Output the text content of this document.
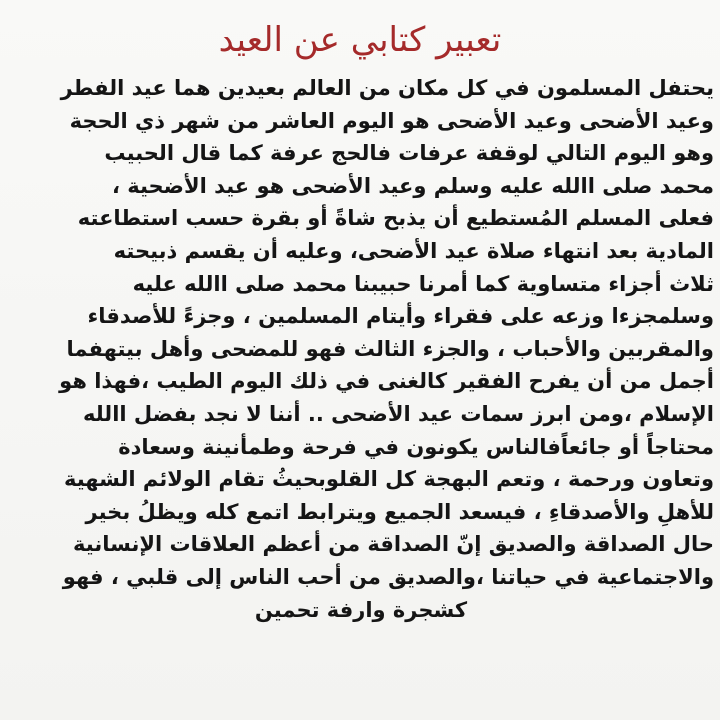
تعبير كتابي عن العيد
يحتفل المسلمون في كل مكان من العالم بعيدين هما عيد الفطر
وعيد الأضحى وعيد الأضحى هو اليوم العاشر من شهر ذي الحجة
وهو اليوم التالي لوقفة عرفات فالحج عرفة كما قال الحبيب
محمد صلى االله عليه وسلم وعيد الأضحى هو عيد الأضحية ،
فعلى المسلم المُستطيع أن يذبح شاةً أو بقرة حسب استطاعته
المادية بعد انتهاء صلاة عيد الأضحى، وعليه أن يقسم ذبيحته
ثلاث أجزاء متساوية كما أمرنا حبيبنا محمد صلى االله عليه
وسلمجزءا وزعه على فقراء وأيتام المسلمين ، وجزءً للأصدقاء
والمقربين والأحباب ، والجزء الثالث فهو للمضحى وأهل بيتهفما
أجمل من أن يفرح الفقير كالغنى في ذلك اليوم الطيب ،فهذا هو
الإسلام ،ومن ابرز سمات عيد الأضحى .. أننا لا نجد بفضل االله
محتاجاً أو جائعاًفالناس يكونون في فرحة وطمأنينة وسعادة
وتعاون ورحمة ، وتعم البهجة كل القلوبحيثُ تقام الولائم الشهية
للأهلِ والأصدقاءِ ، فيسعد الجميع ويترابط اتمع كله ويظلُ بخير
حال الصداقة والصديق إنّ الصداقة من أعظم العلاقات الإنسانية
والاجتماعية في حياتنا ،والصديق من أحب الناس إلى قلبي ، فهو
كشجرة وارفة تحمين
